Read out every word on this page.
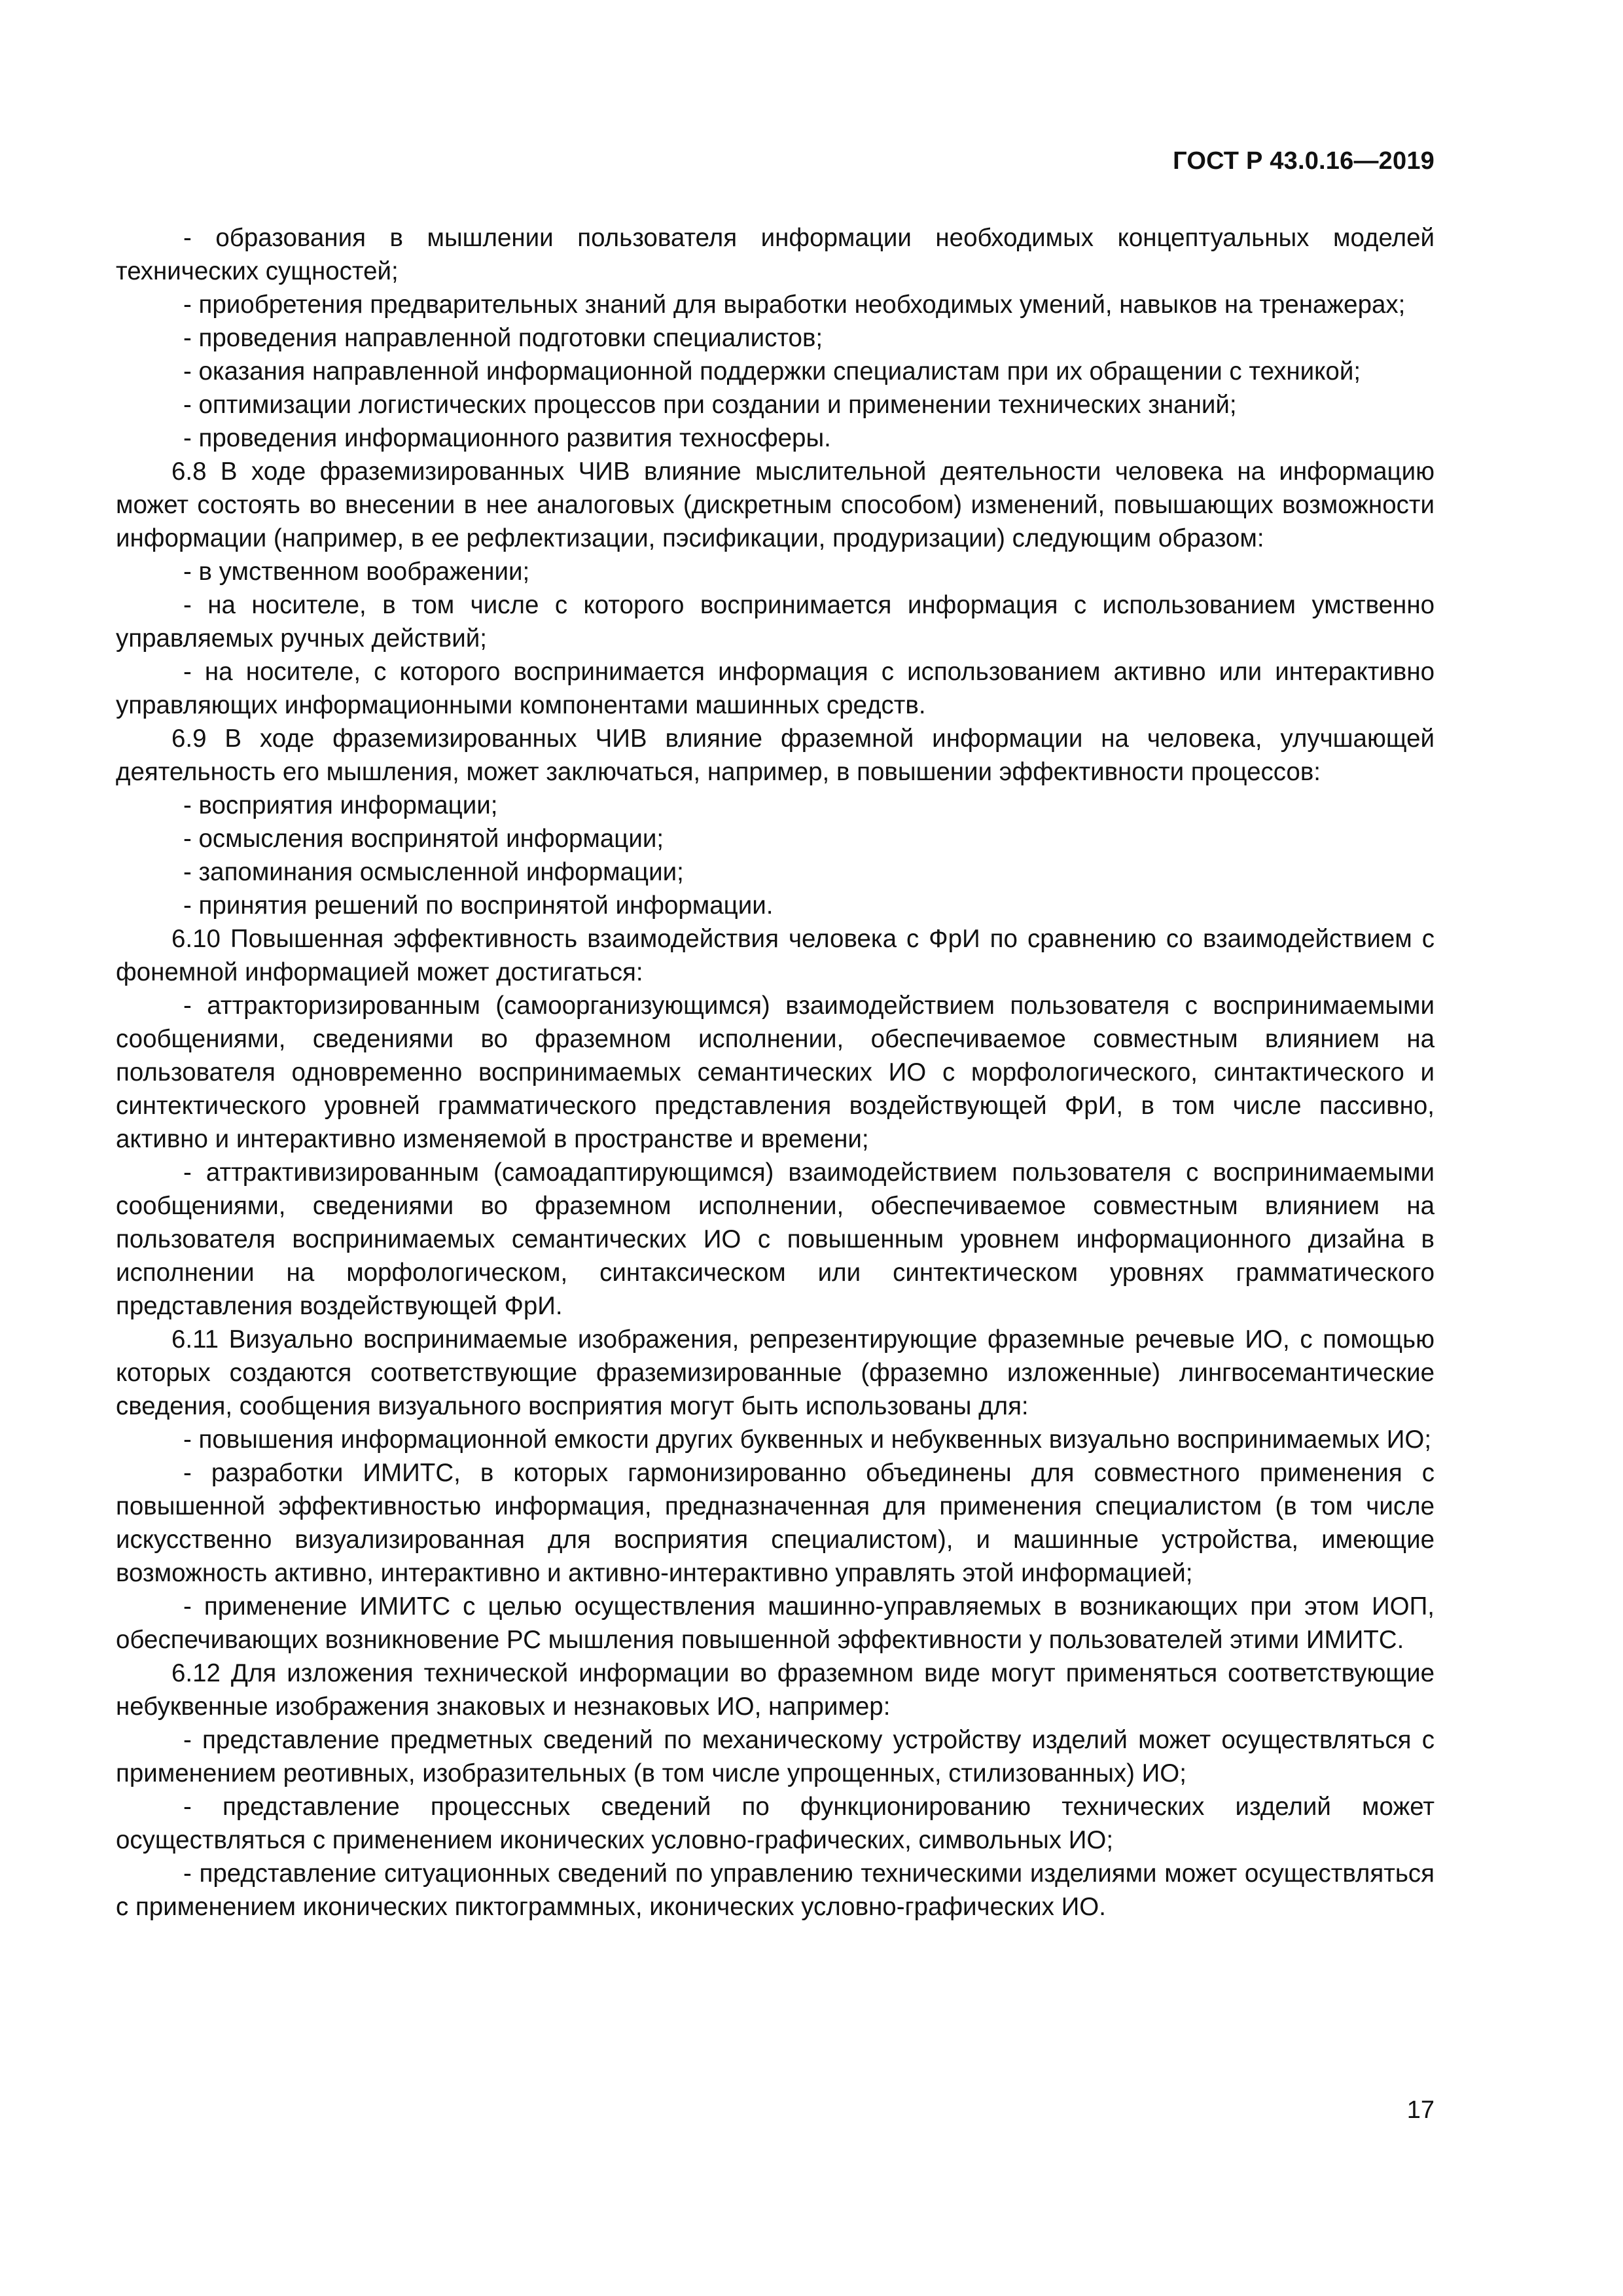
ГОСТ Р 43.0.16—2019

- образования в мышлении пользователя информации необходимых концептуальных моделей технических сущностей;

- приобретения предварительных знаний для выработки необходимых умений, навыков на тренажерах;

- проведения направленной подготовки специалистов;

- оказания направленной информационной поддержки специалистам при их обращении с техникой;

- оптимизации логистических процессов при создании и применении технических знаний;

- проведения информационного развития техносферы.

6.8 В ходе фраземизированных ЧИВ влияние мыслительной деятельности человека на информацию может состоять во внесении в нее аналоговых (дискретным способом) изменений, повышающих возможности информации (например, в ее рефлектизации, пэсификации, продуризации) следующим образом:

- в умственном воображении;

- на носителе, в том числе с которого воспринимается информация с использованием умственно управляемых ручных действий;

- на носителе, с которого воспринимается информация с использованием активно или интерактивно управляющих информационными компонентами машинных средств.

6.9 В ходе фраземизированных ЧИВ влияние фраземной информации на человека, улучшающей деятельность его мышления, может заключаться, например, в повышении эффективности процессов:

- восприятия информации;

- осмысления воспринятой информации;

- запоминания осмысленной информации;

- принятия решений по воспринятой информации.

6.10 Повышенная эффективность взаимодействия человека с ФрИ по сравнению со взаимодействием с фонемной информацией может достигаться:

- аттракторизированным (самоорганизующимся) взаимодействием пользователя с воспринимаемыми сообщениями, сведениями во фраземном исполнении, обеспечиваемое совместным влиянием на пользователя одновременно воспринимаемых семантических ИО с морфологического, синтактического и синтектического уровней грамматического представления воздействующей ФрИ, в том числе пассивно, активно и интерактивно изменяемой в пространстве и времени;

- аттрактивизированным (самоадаптирующимся) взаимодействием пользователя с воспринимаемыми сообщениями, сведениями во фраземном исполнении, обеспечиваемое совместным влиянием на пользователя воспринимаемых семантических ИО с повышенным уровнем информационного дизайна в исполнении на морфологическом, синтаксическом или синтектическом уровнях грамматического представления воздействующей ФрИ.

6.11 Визуально воспринимаемые изображения, репрезентирующие фраземные речевые ИО, с помощью которых создаются соответствующие фраземизированные (фраземно изложенные) лингвосемантические сведения, сообщения визуального восприятия могут быть использованы для:

- повышения информационной емкости других буквенных и небуквенных визуально воспринимаемых ИО;

- разработки ИМИТС, в которых гармонизированно объединены для совместного применения с повышенной эффективностью информация, предназначенная для применения специалистом (в том числе искусственно визуализированная для восприятия специалистом), и машинные устройства, имеющие возможность активно, интерактивно и активно-интерактивно управлять этой информацией;

- применение ИМИТС с целью осуществления машинно-управляемых в возникающих при этом ИОП, обеспечивающих возникновение РС мышления повышенной эффективности у пользователей этими ИМИТС.

6.12 Для изложения технической информации во фраземном виде могут применяться соответствующие небуквенные изображения знаковых и незнаковых ИО, например:

- представление предметных сведений по механическому устройству изделий может осуществляться с применением реотивных, изобразительных (в том числе упрощенных, стилизованных) ИО;

- представление процессных сведений по функционированию технических изделий может осуществляться с применением иконических условно-графических, символьных ИО;

- представление ситуационных сведений по управлению техническими изделиями может осуществляться с применением иконических пиктограммных, иконических условно-графических ИО.

17
